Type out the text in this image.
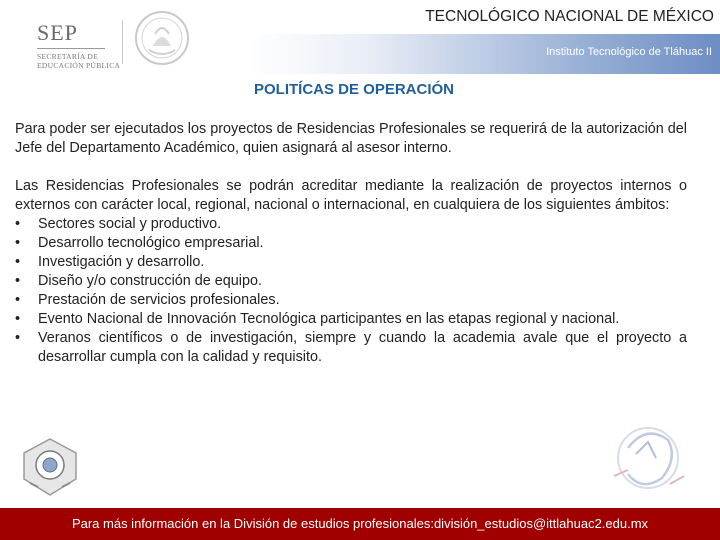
SEP
SECRETARÍA DE
EDUCACIÓN PÚBLICA
TECNOLÓGICO NACIONAL DE MÉXICO
Instituto Tecnológico de Tláhuac II
POLITÍCAS DE OPERACIÓN

Para poder ser ejecutados los proyectos de Residencias Profesionales se requerirá de la autorización del Jefe del Departamento Académico, quien asignará al asesor interno.

Las Residencias Profesionales se podrán acreditar mediante la realización de proyectos internos o externos con carácter local, regional, nacional o internacional, en cualquiera de los siguientes ámbitos:

• Sectores social y productivo.
• Desarrollo tecnológico empresarial.
• Investigación y desarrollo.
• Diseño y/o construcción de equipo.
• Prestación de servicios profesionales.
• Evento Nacional de Innovación Tecnológica participantes en las etapas regional y nacional.
• Veranos científicos o de investigación, siempre y cuando la academia avale que el proyecto a desarrollar cumpla con la calidad y requisito.
Para más información en la División de estudios profesionales:división_estudios@ittlahuac2.edu.mx
